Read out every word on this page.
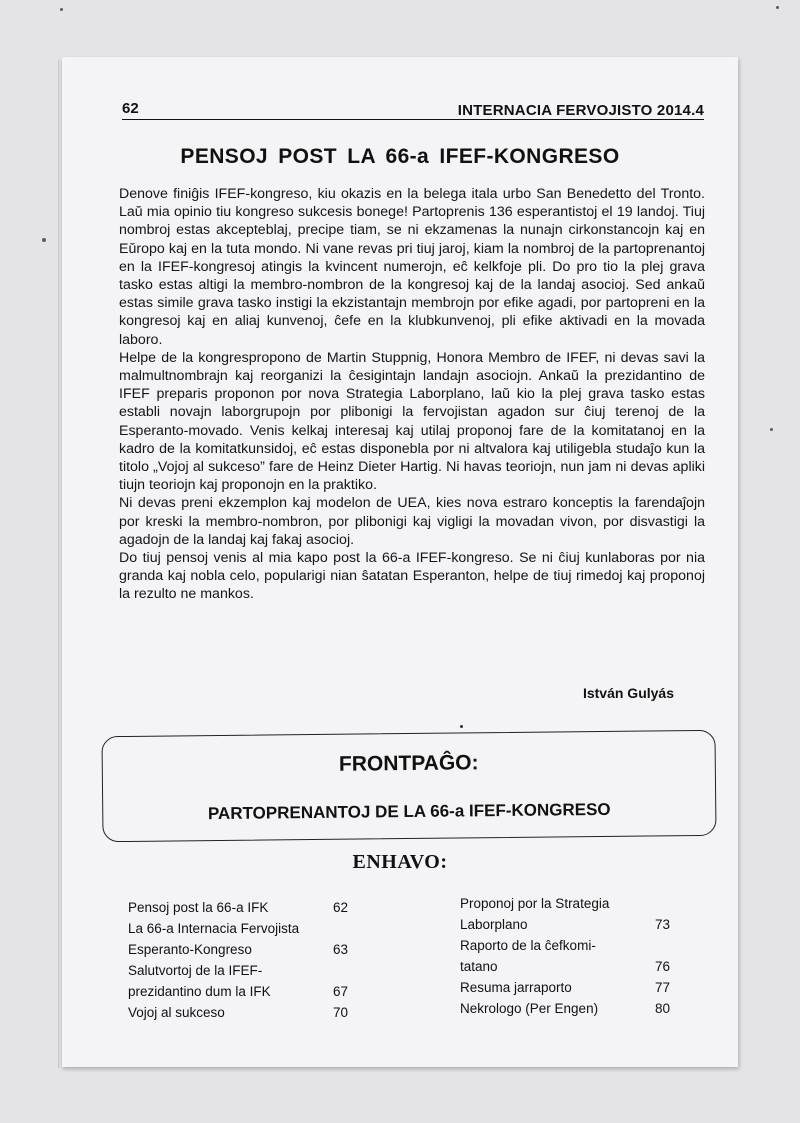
62	INTERNACIA FERVOJISTO 2014.4
PENSOJ POST LA 66-a IFEF-KONGRESO

Denove finiĝis IFEF-kongreso, kiu okazis en la belega itala urbo San Benedetto del Tronto. Laŭ mia opinio tiu kongreso sukcesis bonege! Partoprenis 136 esperantistoj el 19 landoj. Tiuj nombroj estas akcepteblaj, precipe tiam, se ni ekzamenas la nunajn cirkonstancojn kaj en Eŭropo kaj en la tuta mondo. Ni vane revas pri tiuj jaroj, kiam la nombroj de la partoprenantoj en la IFEF-kongresoj atingis la kvincent numerojn, eĉ kelkfoje pli. Do pro tio la plej grava tasko estas altigi la membro-nombron de la kongresoj kaj de la landaj asocioj. Sed ankaŭ estas simile grava tasko instigi la ekzistantajn membrojn por efike agadi, por partopreni en la kongresoj kaj en aliaj kunvenoj, ĉefe en la klubkunvenoj, pli efike aktivadi en la movada laboro.

Helpe de la kongrespropono de Martin Stuppnig, Honora Membro de IFEF, ni devas savi la malmultnombrajn kaj reorganizi la ĉesigintajn landajn asociojn. Ankaŭ la prezidantino de IFEF preparis proponon por nova Strategia Laborplano, laŭ kio la plej grava tasko estas establi novajn laborgrupojn por plibonigi la fervojistan agadon sur ĉiuj terenoj de la Esperanto-movado. Venis kelkaj interesaj kaj utilaj proponoj fare de la komitatanoj en la kadro de la komitatkunsidoj, eĉ estas disponebla por ni altvalora kaj utiligebla studaĵo kun la titolo „Vojoj al sukceso” fare de Heinz Dieter Hartig. Ni havas teoriojn, nun jam ni devas apliki tiujn teoriojn kaj proponojn en la praktiko.

Ni devas preni ekzemplon kaj modelon de UEA, kies nova estraro konceptis la farendaĵojn por kreski la membro-nombron, por plibonigi kaj vigligi la movadan vivon, por disvastigi la agadojn de la landaj kaj fakaj asocioj.

Do tiuj pensoj venis al mia kapo post la 66-a IFEF-kongreso. Se ni ĉiuj kunlaboras por nia granda kaj nobla celo, popularigi nian ŝatatan Esperanton, helpe de tiuj rimedoj kaj proponoj la rezulto ne mankos.

István Gulyás
FRONTPAĜO:
PARTOPRENANTOJ DE LA 66-a IFEF-KONGRESO
ENHAVO:
Pensoj post la 66-a IFK	62
La 66-a Internacia Fervojista
Esperanto-Kongreso	63
Salutvortoj de la IFEF-
prezidantino dum la IFK	67
Vojoj al sukceso	70
Proponoj por la Strategia
Laborplano	73
Raporto de la ĉefkomi-
tatano	76
Resuma jarraporto	77
Nekrologo (Per Engen)	80
